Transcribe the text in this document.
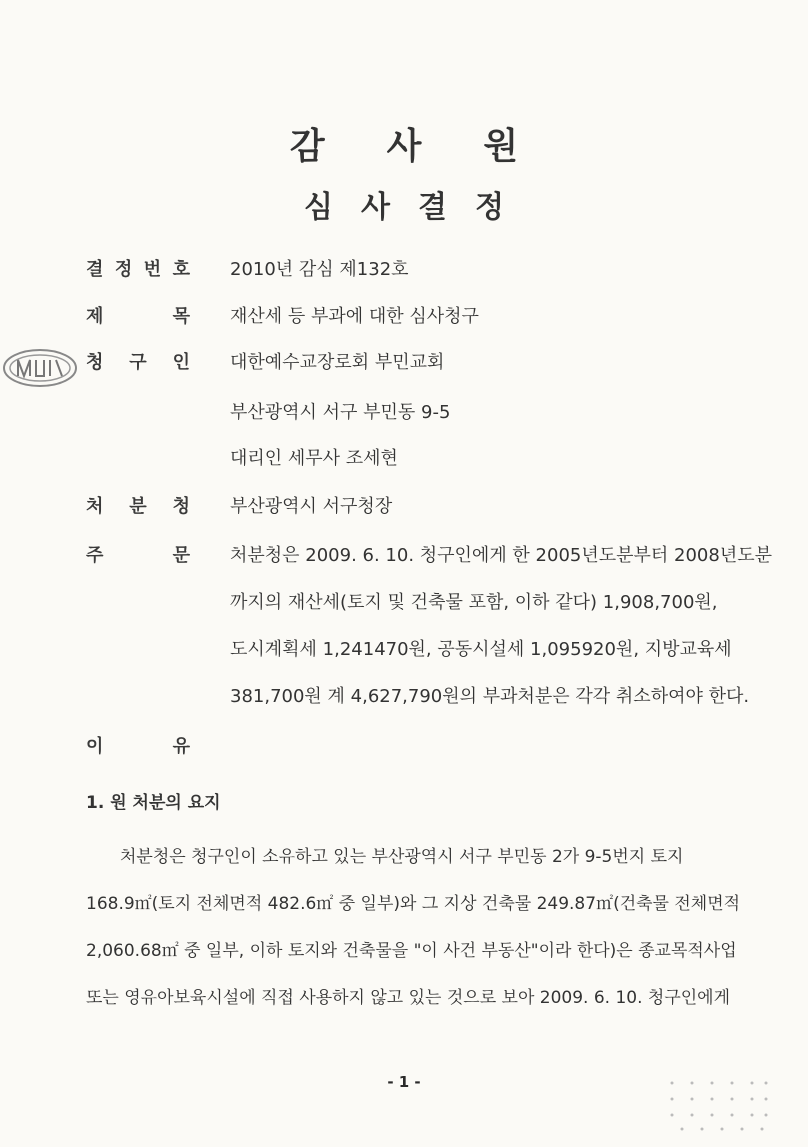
감사원
심사결정
결 정 번 호 2010년 감심 제132호
제	목 재산세 등 부과에 대한 심사청구
청 구 인 대한예수교장로회 부민교회
부산광역시 서구 부민동 9-5
대리인 세무사 조세현
처 분 청 부산광역시 서구청장
주	문 처분청은 2009. 6. 10. 청구인에게 한 2005년도분부터 2008년도분
까지의 재산세(토지 및 건축물 포함, 이하 같다) 1,908,700원,
도시계획세 1,241470원, 공동시설세 1,095920원, 지방교육세
381,700원 계 4,627,790원의 부과처분은 각각 취소하여야 한다.
이	유
1. 원 처분의 요지
처분청은 청구인이 소유하고 있는 부산광역시 서구 부민동 2가 9-5번지 토지
168.9㎡(토지 전체면적 482.6㎡ 중 일부)와 그 지상 건축물 249.87㎡(건축물 전체면적
2,060.68㎡ 중 일부, 이하 토지와 건축물을 "이 사건 부동산"이라 한다)은 종교목적사업
또는 영유아보육시설에 직접 사용하지 않고 있는 것으로 보아 2009. 6. 10. 청구인에게
- 1 -
